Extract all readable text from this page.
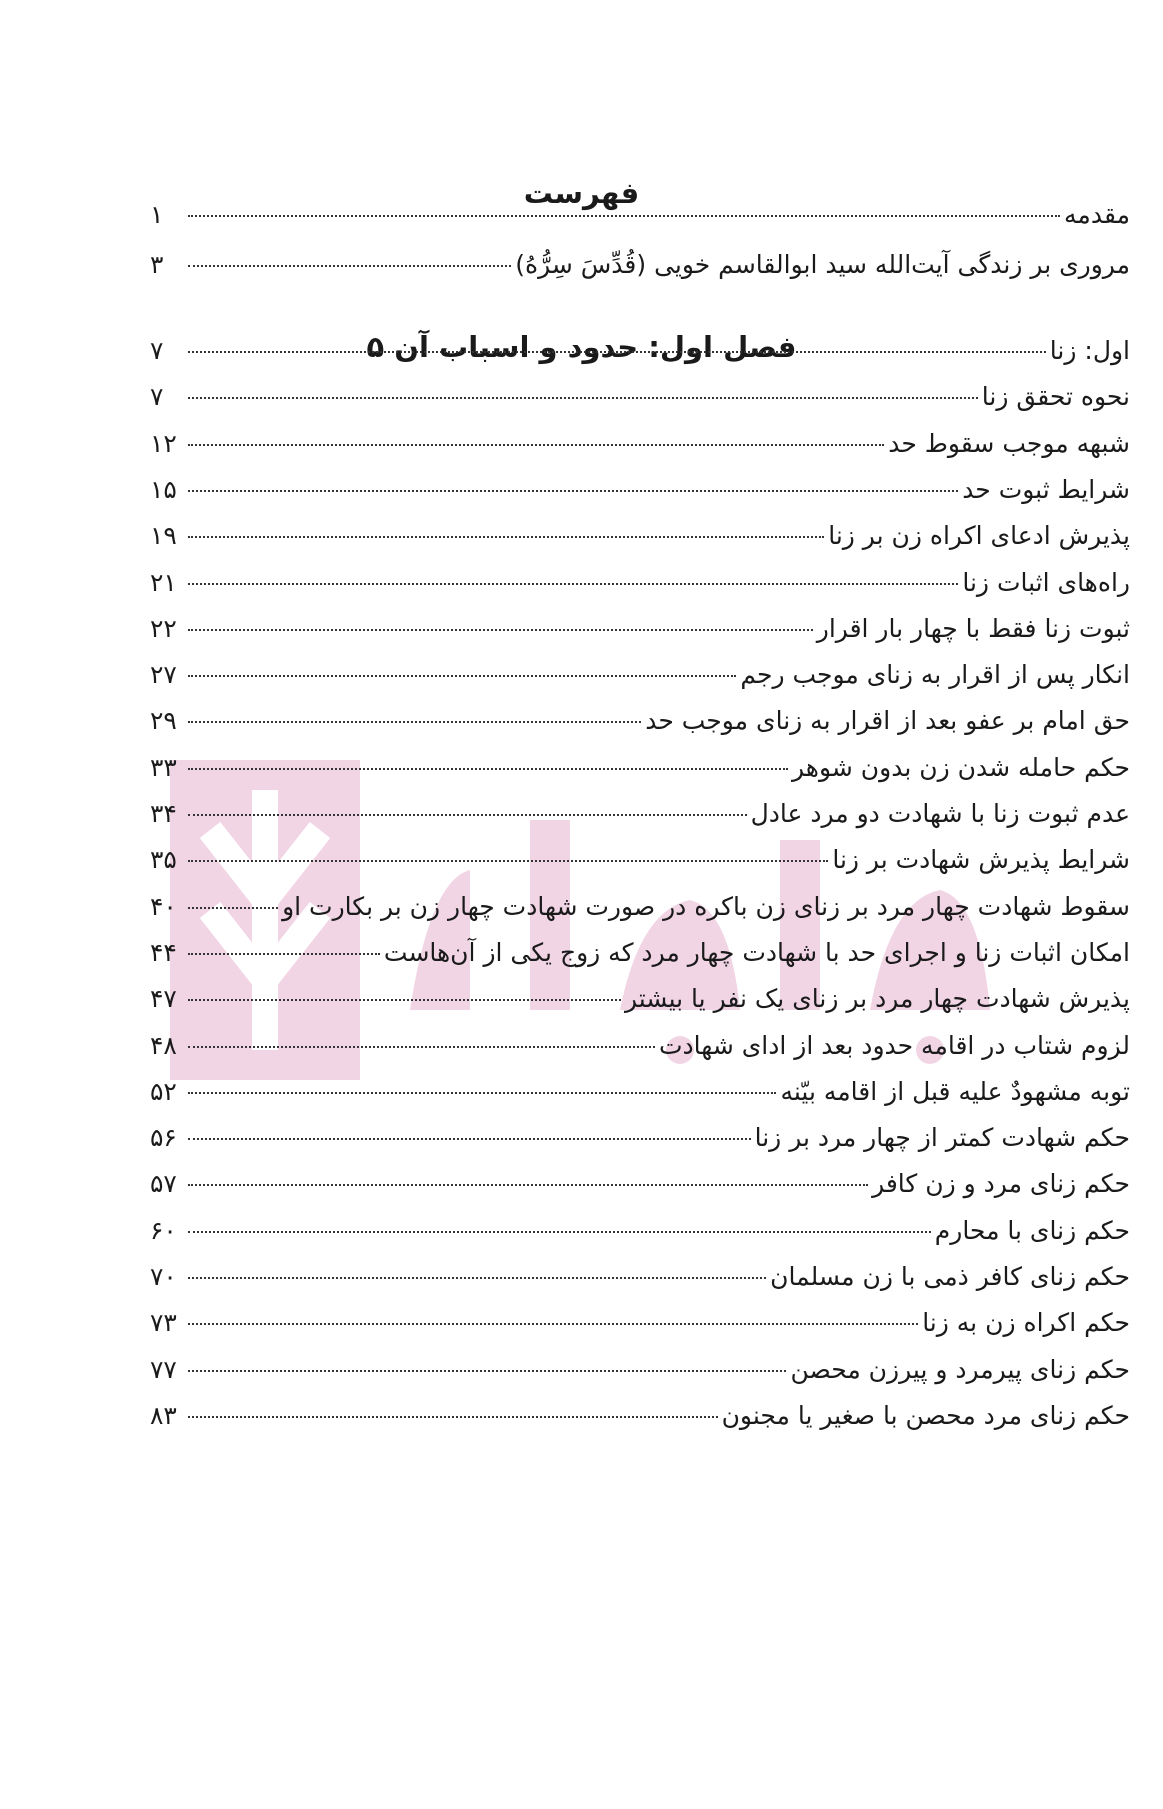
فهرست
مقدمه
۱
مروری بر زندگی آیت‌الله سید ابوالقاسم خویی (قُدِّسَ سِرُّهُ)
۳
فصل اول: حدود و اسباب آن ۵	اول: زنا
۷
نحوه تحقق زنا
۷
شبهه موجب سقوط حد
۱۲
شرایط ثبوت حد
۱۵
پذیرش ادعای اکراه زن بر زنا
۱۹
راه‌های اثبات زنا
۲۱
ثبوت زنا فقط با چهار بار اقرار
۲۲
انکار پس از اقرار به زنای موجب رجم
۲۷
حق امام بر عفو بعد از اقرار به زنای موجب حد
۲۹
حکم حامله شدن زن بدون شوهر
۳۳
عدم ثبوت زنا با شهادت دو مرد عادل
۳۴
شرایط پذیرش شهادت بر زنا
۳۵
سقوط شهادت چهار مرد بر زنای زن باکره در صورت شهادت چهار زن بر بکارت او
۴۰
امکان اثبات زنا و اجرای حد با شهادت چهار مرد که زوج یکی از آن‌هاست
۴۴
پذیرش شهادت چهار مرد بر زنای یک نفر یا بیشتر
۴۷
لزوم شتاب در اقامه حدود بعد از ادای شهادت
۴۸
توبه مشهودٌ علیه قبل از اقامه بیّنه
۵۲
حکم شهادت کمتر از چهار مرد بر زنا
۵۶
حکم زنای مرد و زن کافر
۵۷
حکم زنای با محارم
۶۰
حکم زنای کافر ذمی با زن مسلمان
۷۰
حکم اکراه زن به زنا
۷۳
حکم زنای پیرمرد و پیرزن محصن
۷۷
حکم زنای مرد محصن با صغیر یا مجنون
۸۳
